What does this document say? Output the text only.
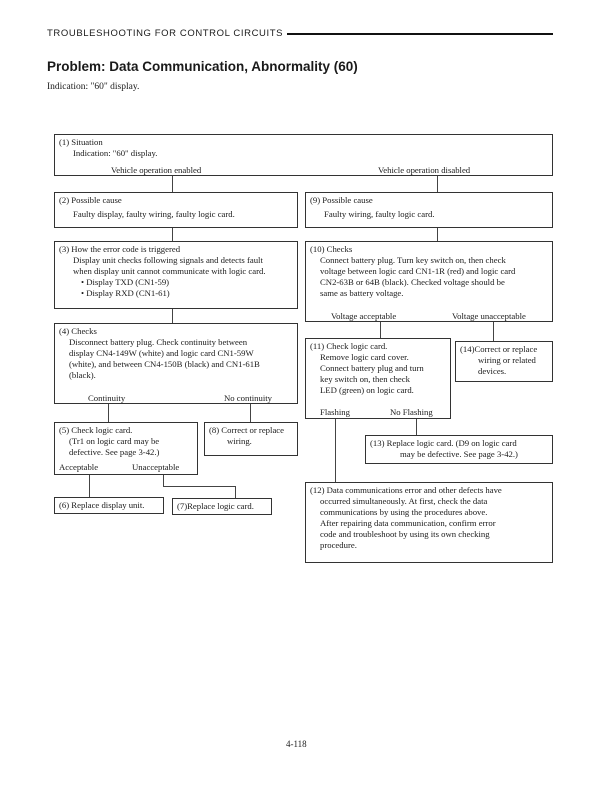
TROUBLESHOOTING FOR CONTROL CIRCUITS
Problem: Data Communication, Abnormality (60)
Indication: "60" display.
(1) Situation
Indication: "60" display.
Vehicle operation enabled	Vehicle operation disabled
(2) Possible cause
Faulty display, faulty wiring, faulty logic card.
(3) How the error code is triggered
Display unit checks following signals and detects fault
when display unit cannot communicate with logic card.
• Display TXD (CN1-59)
• Display RXD (CN1-61)
(4) Checks
Disconnect battery plug. Check continuity between
display CN4-149W (white) and logic card CN1-59W
(white), and between CN4-150B (black) and CN1-61B
(black).
Continuity	No continuity
(5) Check logic card.
(Tr1 on logic card may be
defective. See page 3-42.)
Acceptable	Unacceptable
(8) Correct or replace
wiring.
(6) Replace display unit.	(7)Replace logic card.
(9) Possible cause
Faulty wiring, faulty logic card.
(10) Checks
Connect battery plug. Turn key switch on, then check
voltage between logic card CN1-1R (red) and logic card
CN2-63B or 64B (black). Checked voltage should be
same as battery voltage.
Voltage acceptable	Voltage unacceptable
(11) Check logic card.
Remove logic card cover.
Connect battery plug and turn
key switch on, then check
LED (green) on logic card.
Flashing	No Flashing
(14)Correct or replace
wiring or related
devices.
(13) Replace logic card. (D9 on logic card
may be defective. See page 3-42.)
(12) Data communications error and other defects have
occurred simultaneously. At first, check the data
communications by using the procedures above.
After repairing data communication, confirm error
code and troubleshoot by using its own checking
procedure.
4-118
